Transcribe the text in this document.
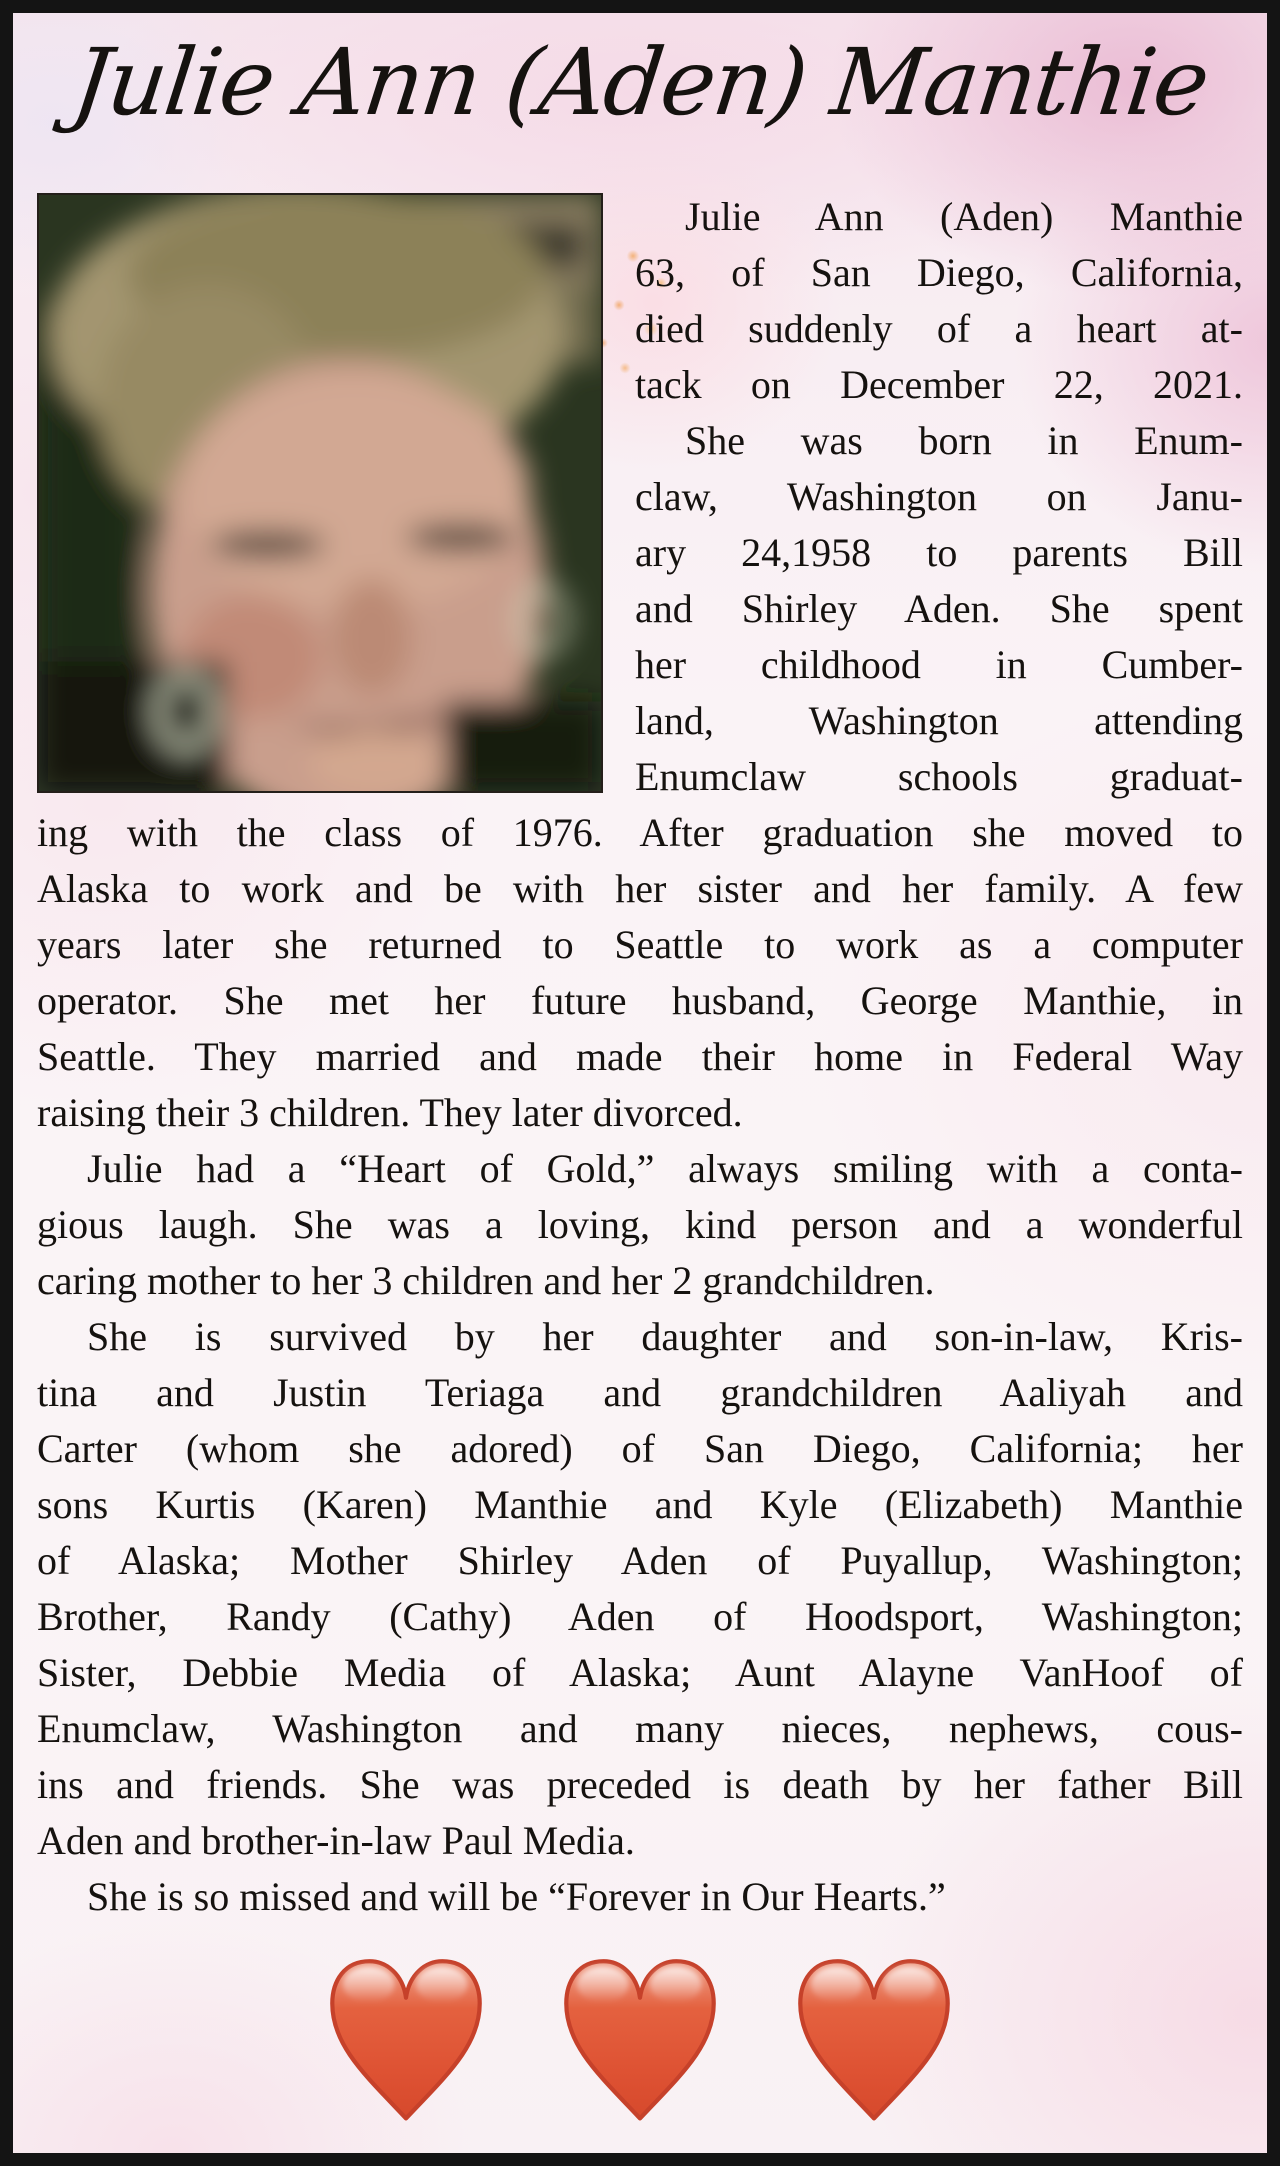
Julie Ann (Aden) Manthie
Julie Ann (Aden) Manthie
63, of San Diego, California,
died suddenly of a heart at-
tack on December 22, 2021.
She was born in Enum-
claw, Washington on Janu-
ary 24,1958 to parents Bill
and Shirley Aden. She spent
her childhood in Cumber-
land, Washington attending
Enumclaw schools graduat-
ing with the class of 1976. After graduation she moved to
Alaska to work and be with her sister and her family. A few
years later she returned to Seattle to work as a computer
operator. She met her future husband, George Manthie, in
Seattle. They married and made their home in Federal Way
raising their 3 children. They later divorced.
Julie had a “Heart of Gold,” always smiling with a conta-
gious laugh. She was a loving, kind person and a wonderful
caring mother to her 3 children and her 2 grandchildren.
She is survived by her daughter and son-in-law, Kris-
tina and Justin Teriaga and grandchildren Aaliyah and
Carter (whom she adored) of San Diego, California; her
sons Kurtis (Karen) Manthie and Kyle (Elizabeth) Manthie
of Alaska; Mother Shirley Aden of Puyallup, Washington;
Brother, Randy (Cathy) Aden of Hoodsport, Washington;
Sister, Debbie Media of Alaska; Aunt Alayne VanHoof of
Enumclaw, Washington and many nieces, nephews, cous-
ins and friends. She was preceded is death by her father Bill
Aden and brother-in-law Paul Media.
She is so missed and will be “Forever in Our Hearts.”
